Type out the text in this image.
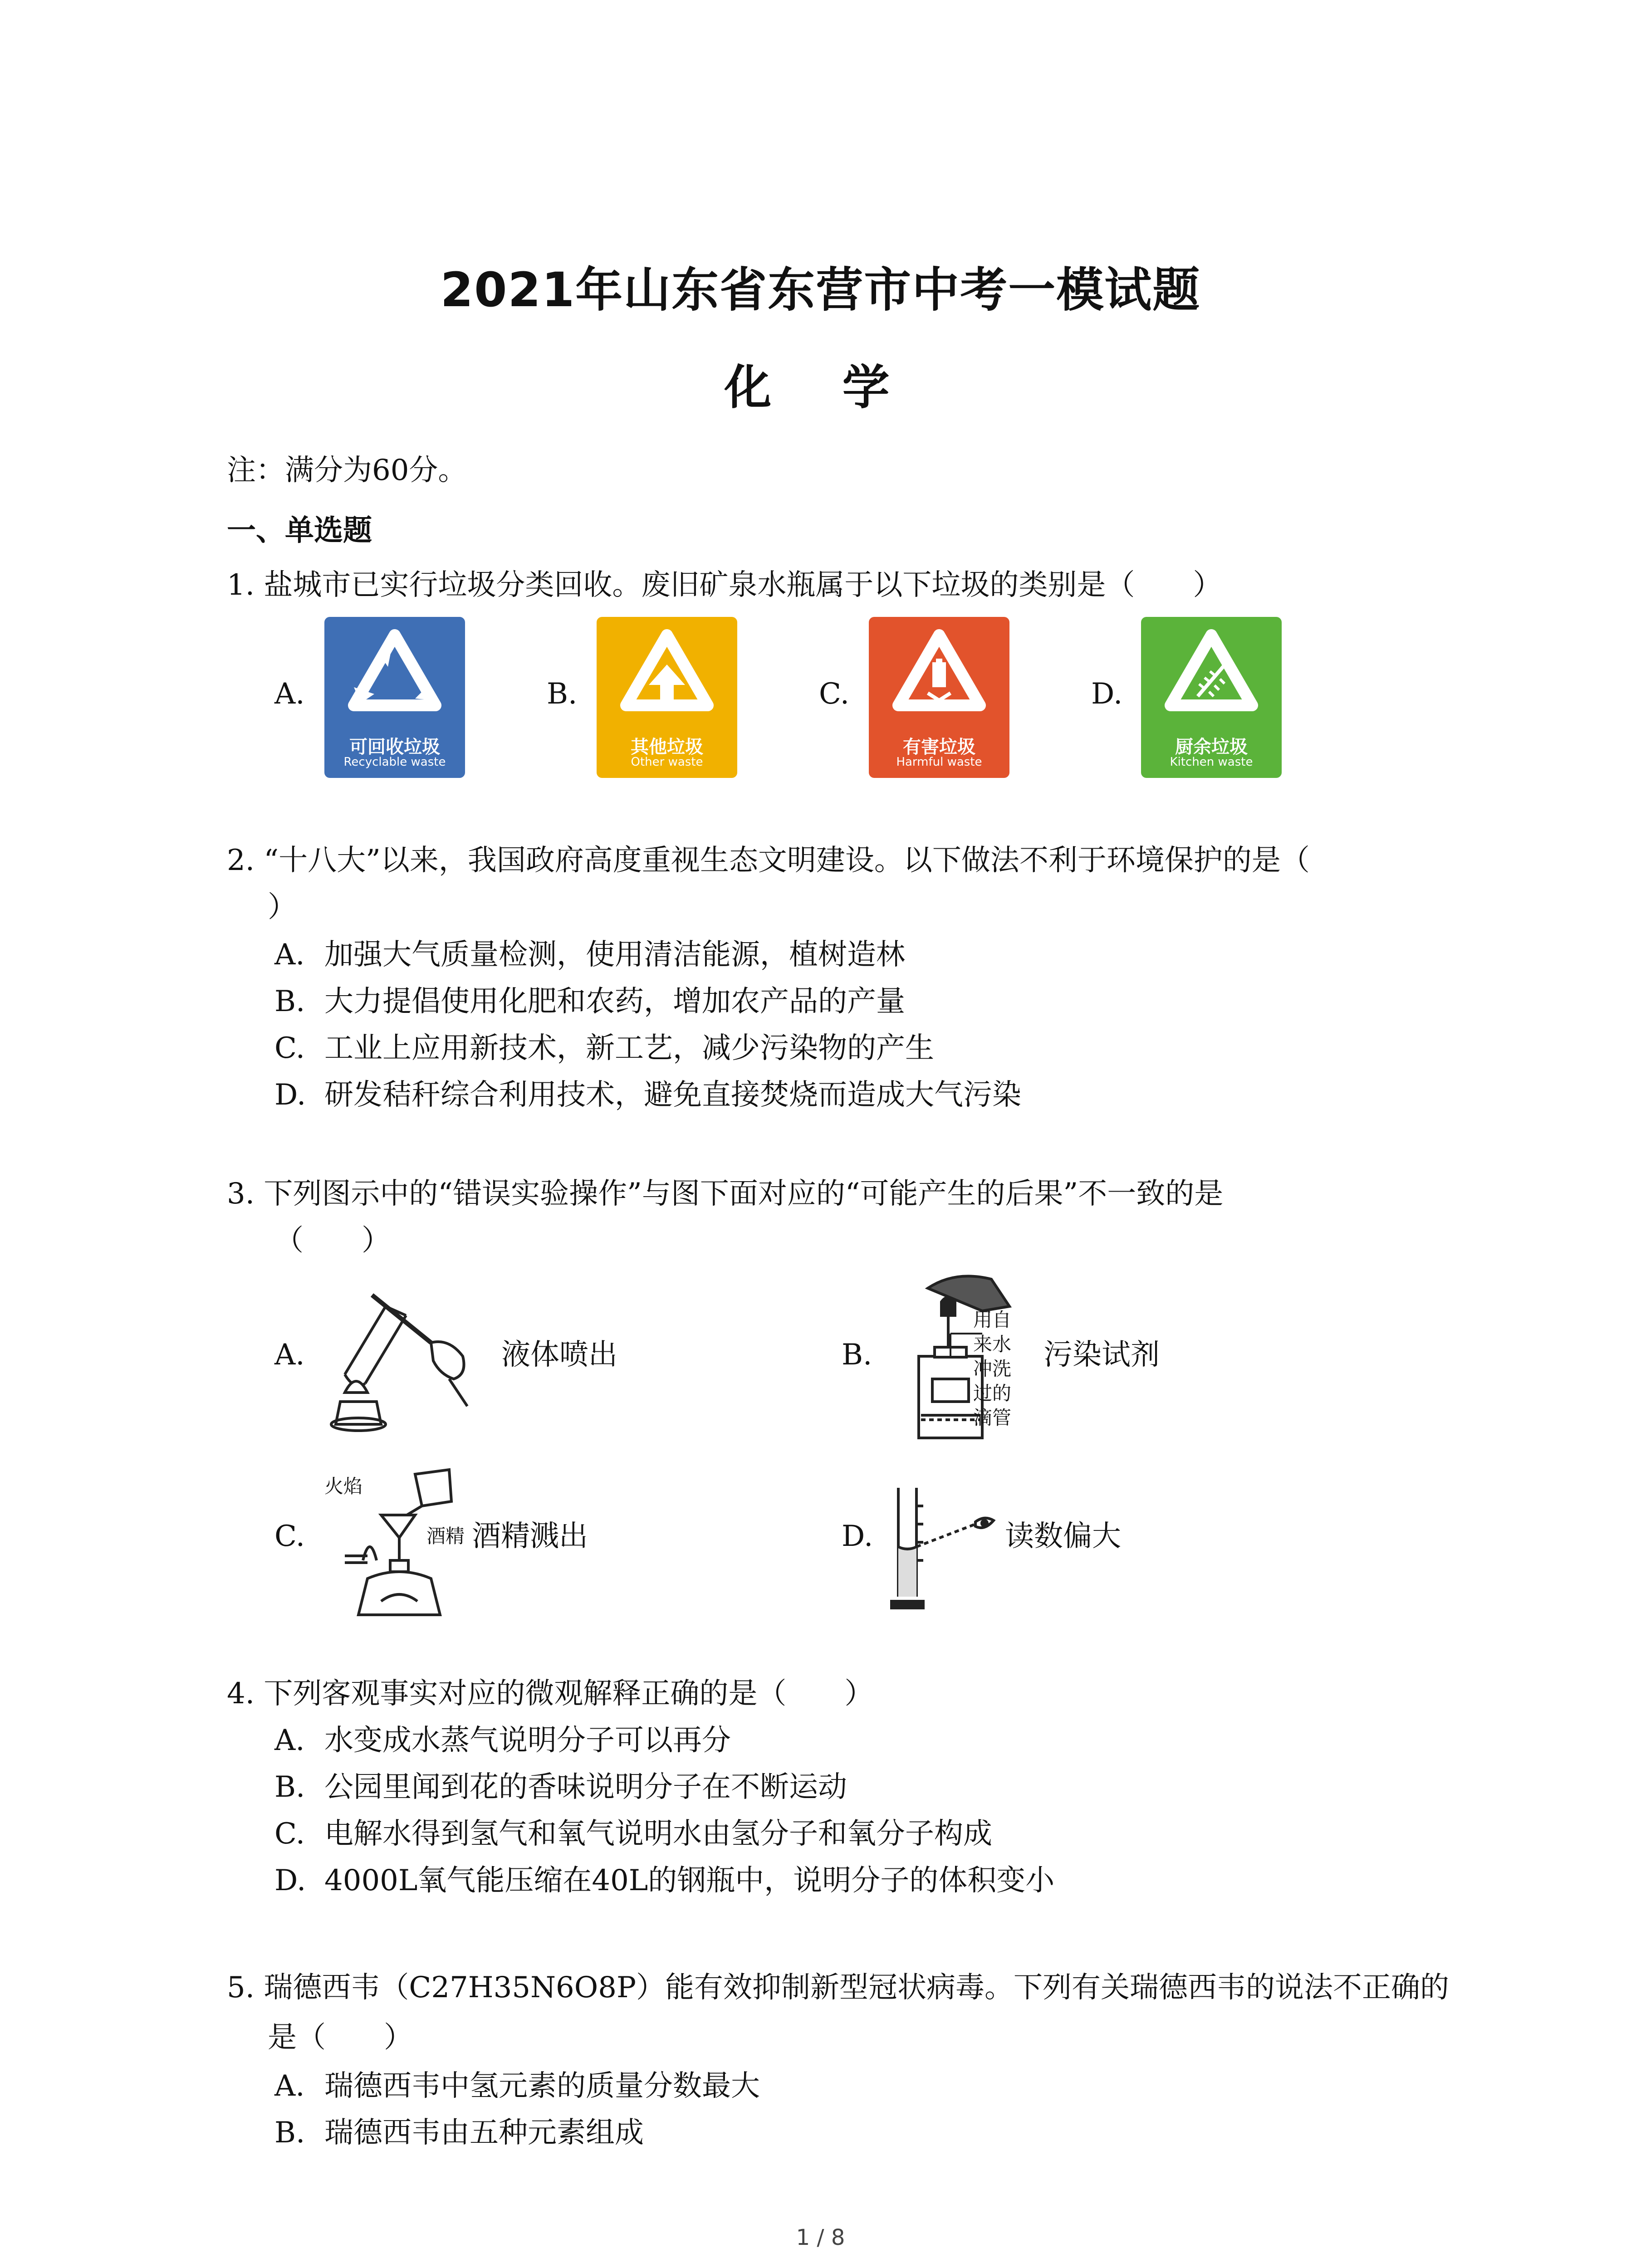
2021年山东省东营市中考一模试题
化 学
注：满分为60分。
一、单选题
1. 盐城市已实行垃圾分类回收。废旧矿泉水瓶属于以下垃圾的类别是（　　）
A.	B.	C.	D.
可回收垃圾
Recyclable waste
其他垃圾
Other waste
有害垃圾
Harmful waste
厨余垃圾
Kitchen waste
2. “十八大”以来，我国政府高度重视生态文明建设。以下做法不利于环境保护的是（
）
A. 加强大气质量检测，使用清洁能源，植树造林
B. 大力提倡使用化肥和农药，增加农产品的产量
C. 工业上应用新技术，新工艺，减少污染物的产生
D. 研发秸秆综合利用技术，避免直接焚烧而造成大气污染
3. 下列图示中的“错误实验操作”与图下面对应的“可能产生的后果”不一致的是
（　　）
A.	液体喷出	B.
用自
来水
冲洗
过的
滴管
污染试剂
C.
火焰
酒精 酒精溅出	D.	读数偏大
4. 下列客观事实对应的微观解释正确的是（　　）
A. 水变成水蒸气说明分子可以再分
B. 公园里闻到花的香味说明分子在不断运动
C. 电解水得到氢气和氧气说明水由氢分子和氧分子构成
D. 4000L氧气能压缩在40L的钢瓶中，说明分子的体积变小
5. 瑞德西韦（C27H35N6O8P）能有效抑制新型冠状病毒。下列有关瑞德西韦的说法不正确的
是（　　）
A. 瑞德西韦中氢元素的质量分数最大
B. 瑞德西韦由五种元素组成
1 / 8
